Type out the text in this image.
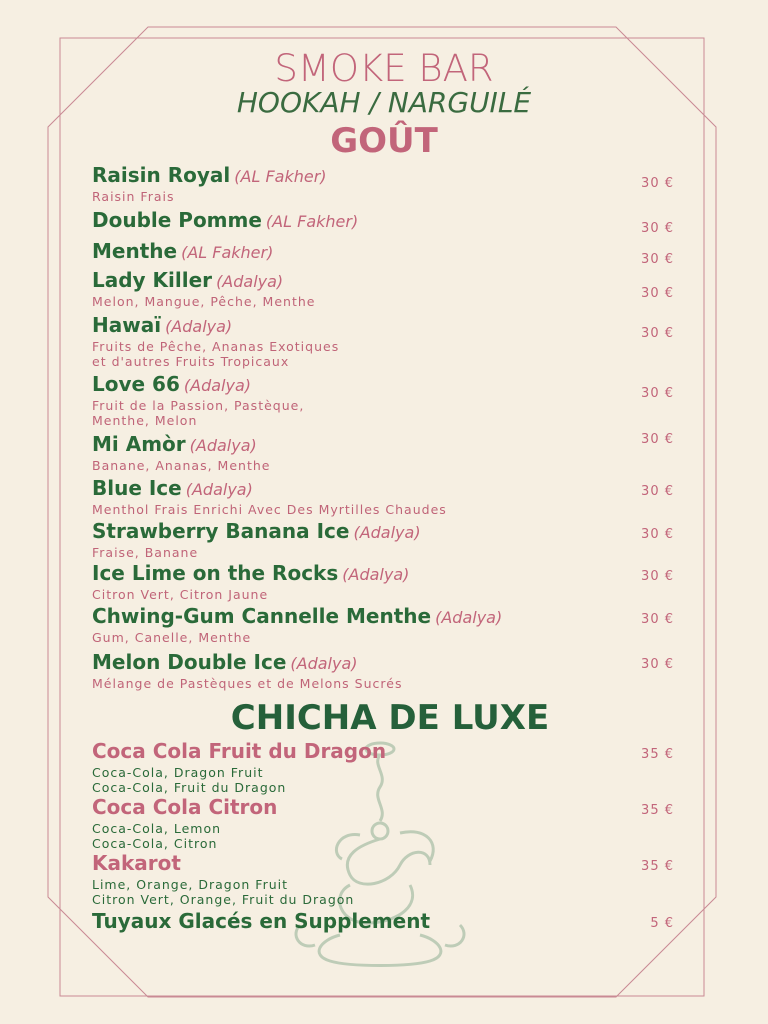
SMOKE BAR
HOOKAH / NARGUILÉ
GOÛT
Raisin Royal (AL Fakher)
Raisin Frais
30 €
Double Pomme (AL Fakher)	30 €
Menthe (AL Fakher)	30 €
Lady Killer (Adalya)
Melon, Mangue, Pêche, Menthe
30 €
Hawaï (Adalya)
Fruits de Pêche, Ananas Exotiques
et d'autres Fruits Tropicaux
30 €
Love 66 (Adalya)
Fruit de la Passion, Pastèque,
Menthe, Melon
30 €
Mi Amòr (Adalya)
Banane, Ananas, Menthe
30 €
Blue Ice (Adalya)
Menthol Frais Enrichi Avec Des Myrtilles Chaudes
30 €
Strawberry Banana Ice (Adalya)
Fraise, Banane
30 €
Ice Lime on the Rocks (Adalya)
Citron Vert, Citron Jaune
30 €
Chwing-Gum Cannelle Menthe (Adalya)
Gum, Canelle, Menthe
30 €
Melon Double Ice (Adalya)
Mélange de Pastèques et de Melons Sucrés
30 €
CHICHA DE LUXE
Coca Cola Fruit du Dragon
Coca-Cola, Dragon Fruit
Coca-Cola, Fruit du Dragon
35 €
Coca Cola Citron
Coca-Cola, Lemon
Coca-Cola, Citron
35 €
Kakarot
Lime, Orange, Dragon Fruit
Citron Vert, Orange, Fruit du Dragon
35 €
Tuyaux Glacés en Supplement	5 €
